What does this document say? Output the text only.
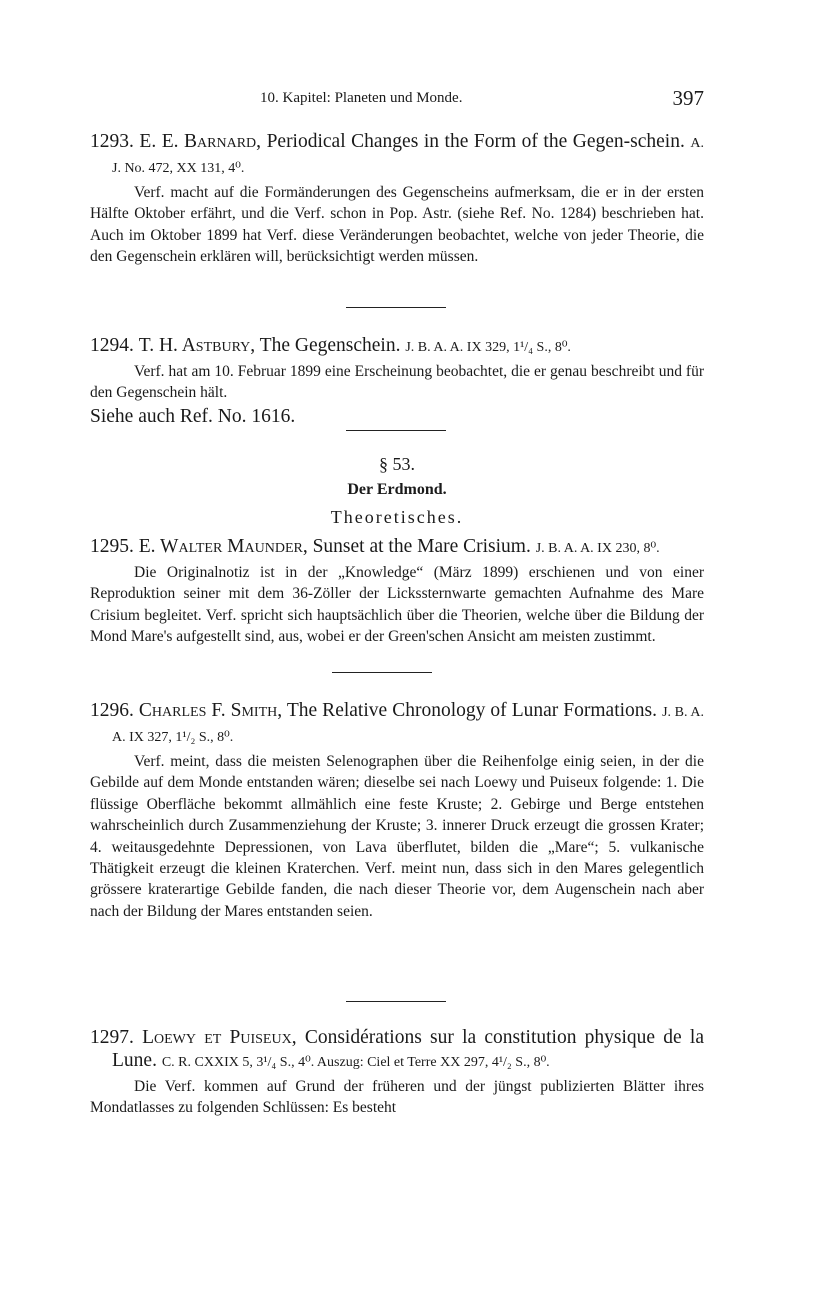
10. Kapitel: Planeten und Monde.	397
1293. E. E. Barnard, Periodical Changes in the Form of the Gegen-schein. A. J. No. 472, XX 131, 4⁰.
Verf. macht auf die Formänderungen des Gegenscheins aufmerksam, die er in der ersten Hälfte Oktober erfährt, und die Verf. schon in Pop. Astr. (siehe Ref. No. 1284) beschrieben hat. Auch im Oktober 1899 hat Verf. diese Veränderungen beobachtet, welche von jeder Theorie, die den Gegenschein erklären will, berücksichtigt werden müssen.
1294. T. H. Astbury, The Gegenschein. J. B. A. A. IX 329, 1¹/₄ S., 8⁰.
Verf. hat am 10. Februar 1899 eine Erscheinung beobachtet, die er genau beschreibt und für den Gegenschein hält.
Siehe auch Ref. No. 1616.
§ 53.
Der Erdmond.
Theoretisches.
1295. E. Walter Maunder, Sunset at the Mare Crisium. J. B. A. A. IX 230, 8⁰.
Die Originalnotiz ist in der „Knowledge“ (März 1899) erschienen und von einer Reproduktion seiner mit dem 36-Zöller der Lickssternwarte gemachten Aufnahme des Mare Crisium begleitet. Verf. spricht sich hauptsächlich über die Theorien, welche über die Bildung der Mond Mare's aufgestellt sind, aus, wobei er der Green'schen Ansicht am meisten zustimmt.
1296. Charles F. Smith, The Relative Chronology of Lunar Formations. J. B. A. A. IX 327, 1¹/₂ S., 8⁰.
Verf. meint, dass die meisten Selenographen über die Reihenfolge einig seien, in der die Gebilde auf dem Monde entstanden wären; dieselbe sei nach Loewy und Puiseux folgende: 1. Die flüssige Oberfläche bekommt allmählich eine feste Kruste; 2. Gebirge und Berge entstehen wahrscheinlich durch Zusammenziehung der Kruste; 3. innerer Druck erzeugt die grossen Krater; 4. weitausgedehnte Depressionen, von Lava überflutet, bilden die „Mare“; 5. vulkanische Thätigkeit erzeugt die kleinen Kraterchen. Verf. meint nun, dass sich in den Mares gelegentlich grössere kraterartige Gebilde fanden, die nach dieser Theorie vor, dem Augenschein nach aber nach der Bildung der Mares entstanden seien.
1297. Loewy et Puiseux, Considérations sur la constitution physique de la Lune. C. R. CXXIX 5, 3¹/₄ S., 4⁰. Auszug: Ciel et Terre XX 297, 4¹/₂ S., 8⁰.
Die Verf. kommen auf Grund der früheren und der jüngst publizierten Blätter ihres Mondatlasses zu folgenden Schlüssen: Es besteht
